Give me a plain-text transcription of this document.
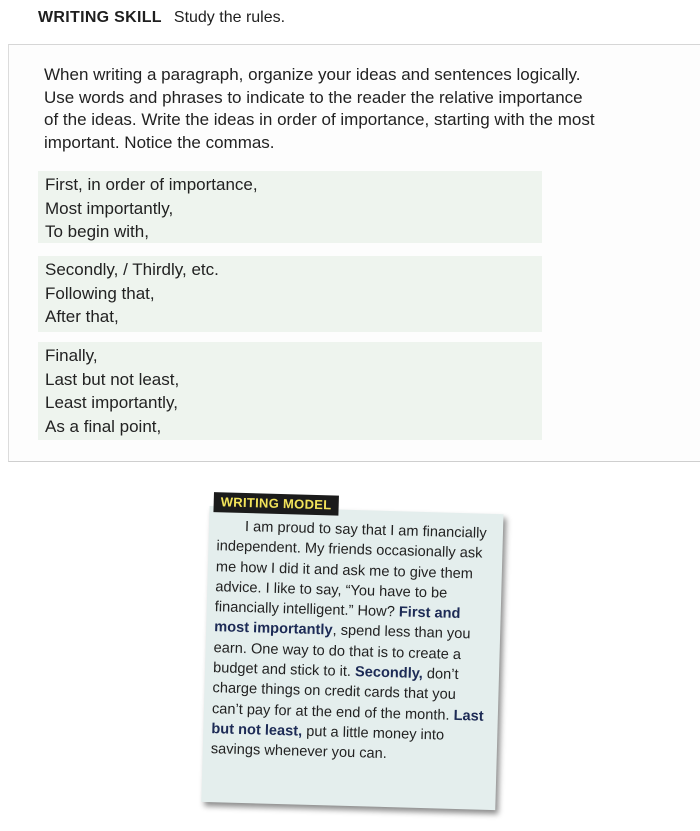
WRITING SKILL Study the rules.
When writing a paragraph, organize your ideas and sentences logically.
Use words and phrases to indicate to the reader the relative importance
of the ideas. Write the ideas in order of importance, starting with the most
important. Notice the commas.
First, in order of importance,
Most importantly,
To begin with,
Secondly, / Thirdly, etc.
Following that,
After that,
Finally,
Last but not least,
Least importantly,
As a final point,
WRITING MODEL

I am proud to say that I am financially independent. My friends occasionally ask me how I did it and ask me to give them advice. I like to say, “You have to be financially intelligent.” How? First and most importantly, spend less than you earn. One way to do that is to create a budget and stick to it. Secondly, don’t charge things on credit cards that you can’t pay for at the end of the month. Last but not least, put a little money into savings whenever you can.
